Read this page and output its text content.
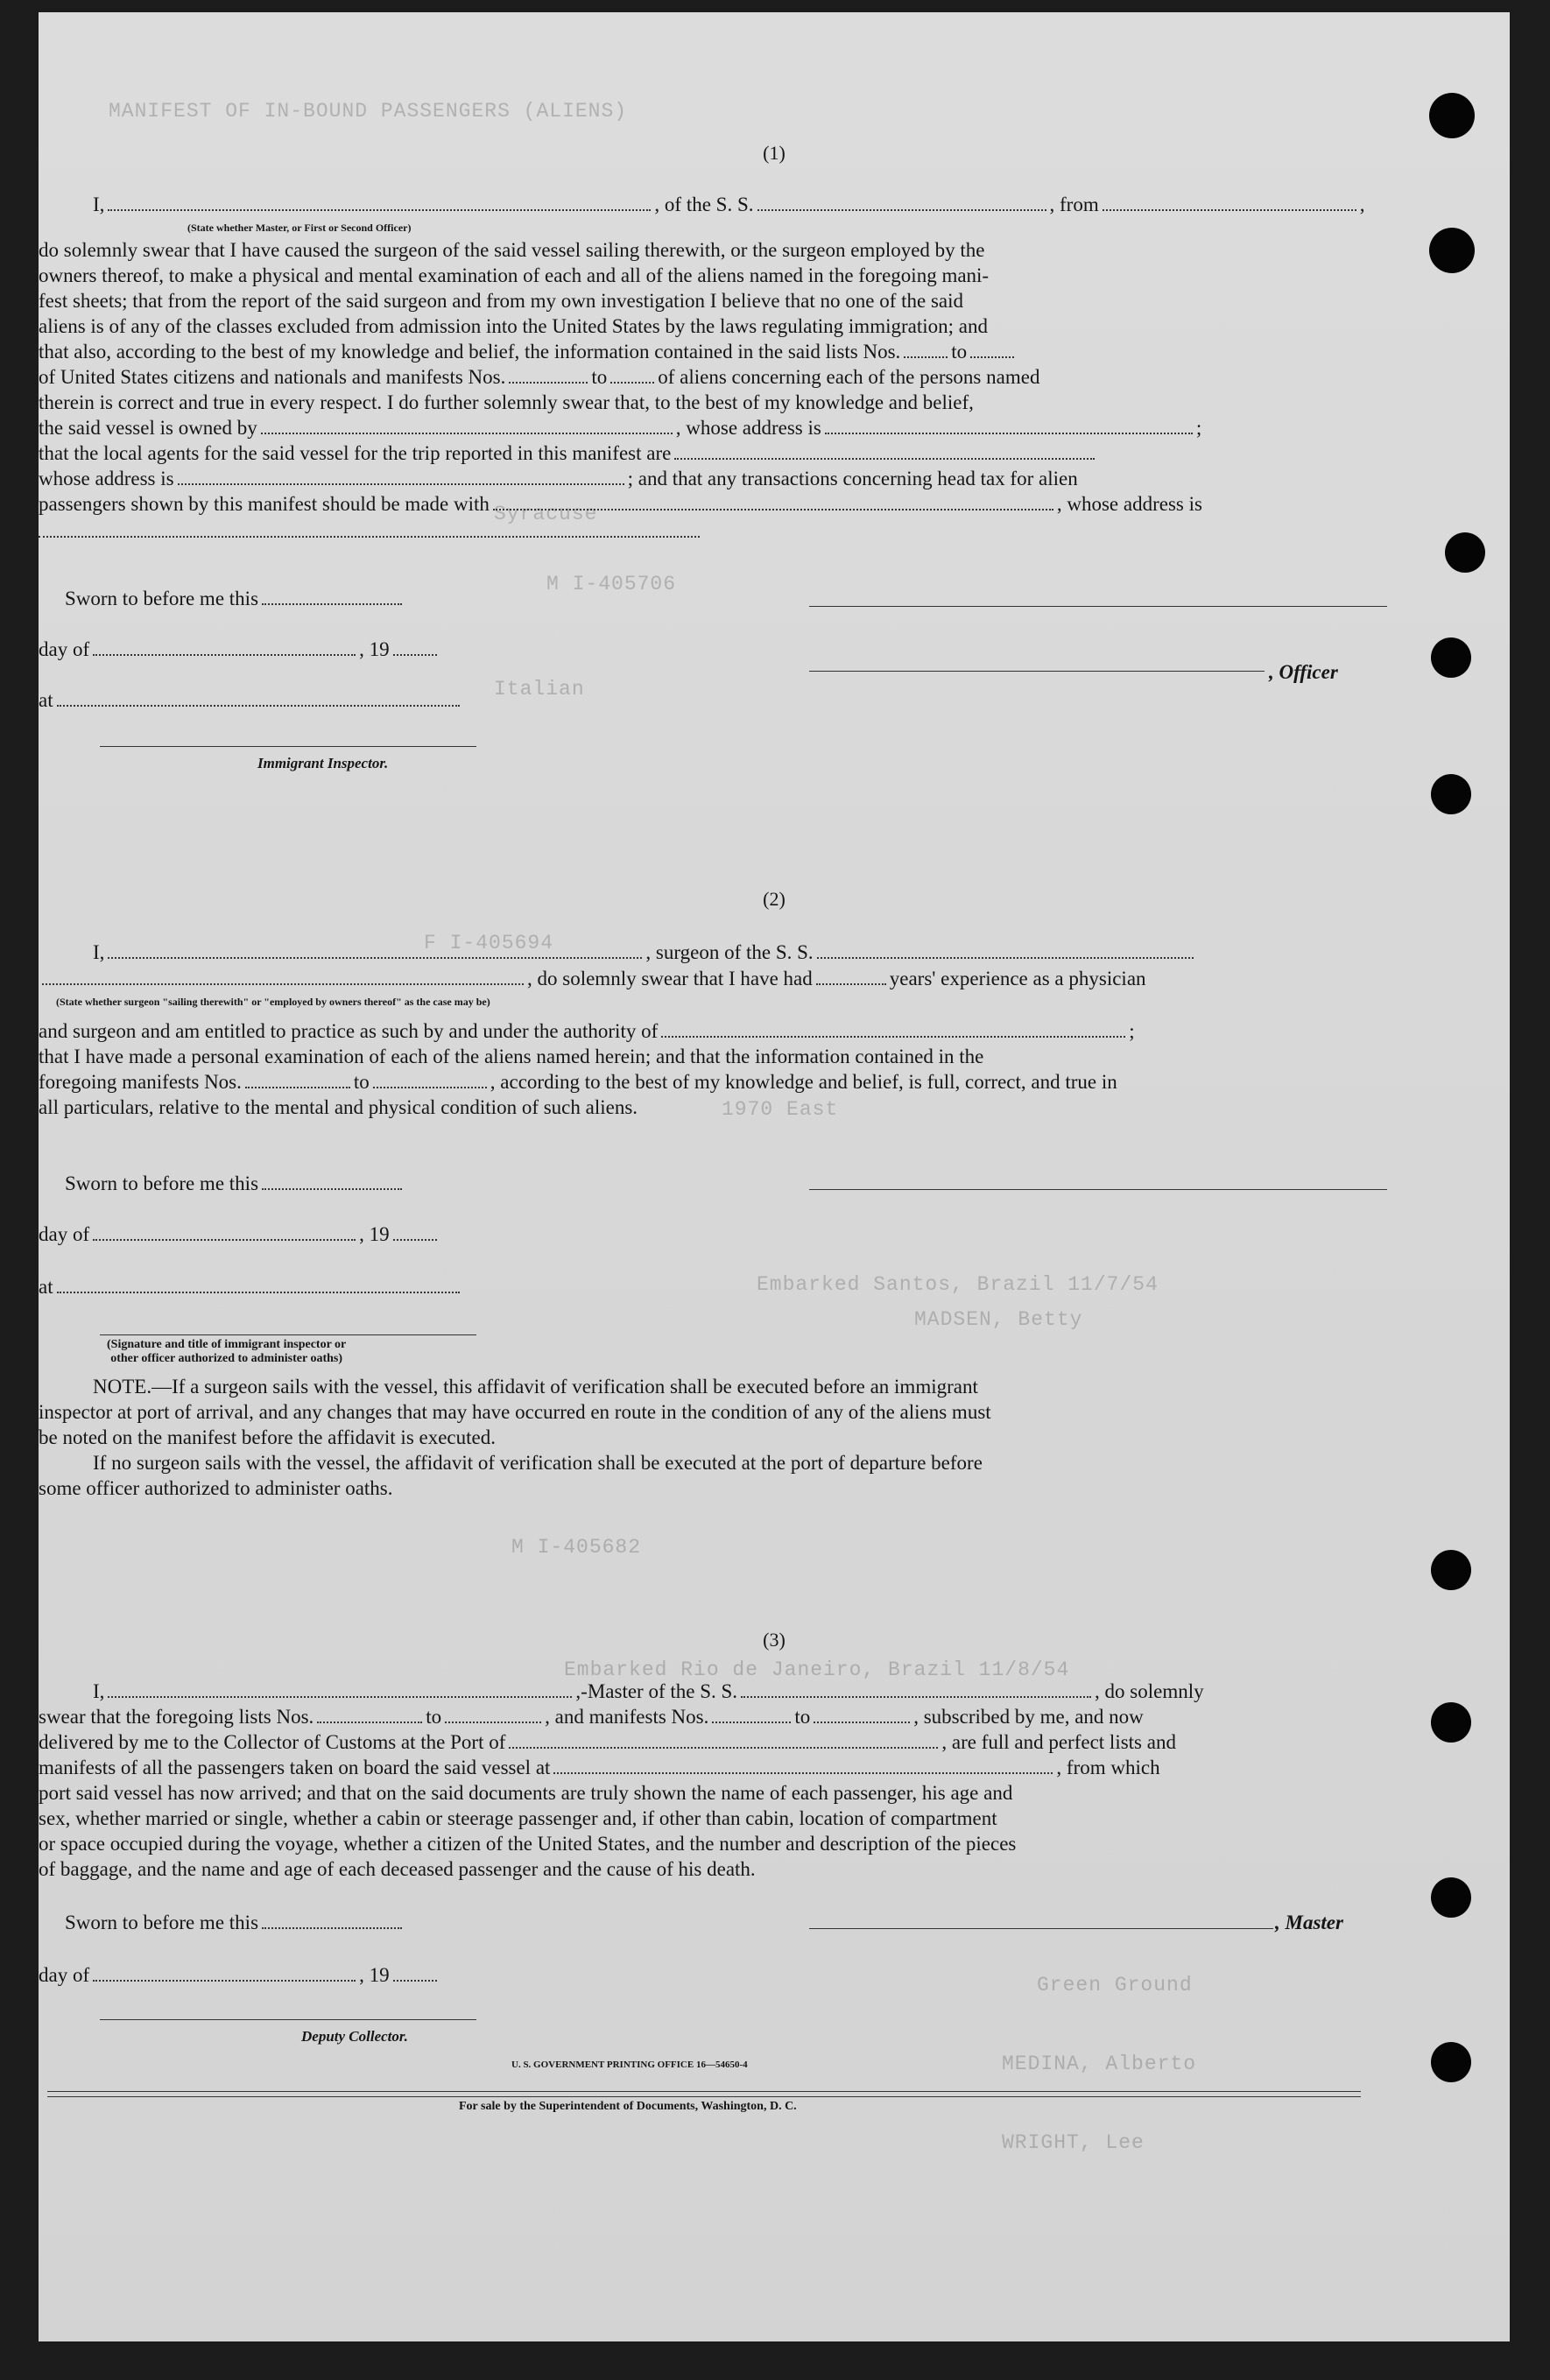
MANIFEST OF IN-BOUND PASSENGERS (ALIENS)
Syracuse
M I-405706
Italian
F I-405694
1970 East
Embarked Santos, Brazil 11/7/54
MADSEN, Betty
M I-405682
Embarked Rio de Janeiro, Brazil 11/8/54
Green Ground
MEDINA, Alberto
WRIGHT, Lee
(1)
I,	, of the S. S.	, from	,
(State whether Master, or First or Second Officer)
do solemnly swear that I have caused the surgeon of the said vessel sailing therewith, or the surgeon employed by the
owners thereof, to make a physical and mental examination of each and all of the aliens named in the foregoing mani-
fest sheets; that from the report of the said surgeon and from my own investigation I believe that no one of the said
aliens is of any of the classes excluded from admission into the United States by the laws regulating immigration; and
that also, according to the best of my knowledge and belief, the information contained in the said lists Nos.	to
of United States citizens and nationals and manifests Nos.	to	of aliens concerning each of the persons named
therein is correct and true in every respect. I do further solemnly swear that, to the best of my knowledge and belief,
the said vessel is owned by	, whose address is	;
that the local agents for the said vessel for the trip reported in this manifest are
whose address is	; and that any transactions concerning head tax for alien
passengers shown by this manifest should be made with	, whose address is
Sworn to before me this
day of	, 19
, Officer
at
Immigrant Inspector.
(2)
I,	, surgeon of the S. S.
, do solemnly swear that I have had	years' experience as a physician
(State whether surgeon "sailing therewith" or "employed by owners thereof" as the case may be)
and surgeon and am entitled to practice as such by and under the authority of	;
that I have made a personal examination of each of the aliens named herein; and that the information contained in the
foregoing manifests Nos.	to	, according to the best of my knowledge and belief, is full, correct, and true in
all particulars, relative to the mental and physical condition of such aliens.
Sworn to before me this
day of	, 19
at
(Signature and title of immigrant inspector or
other officer authorized to administer oaths)
NOTE.—If a surgeon sails with the vessel, this affidavit of verification shall be executed before an immigrant
inspector at port of arrival, and any changes that may have occurred en route in the condition of any of the aliens must
be noted on the manifest before the affidavit is executed.
If no surgeon sails with the vessel, the affidavit of verification shall be executed at the port of departure before
some officer authorized to administer oaths.
(3)
I,	,-Master of the S. S.	, do solemnly
swear that the foregoing lists Nos.	to	, and manifests Nos.	to	, subscribed by me, and now
delivered by me to the Collector of Customs at the Port of	, are full and perfect lists and
manifests of all the passengers taken on board the said vessel at	, from which
port said vessel has now arrived; and that on the said documents are truly shown the name of each passenger, his age and
sex, whether married or single, whether a cabin or steerage passenger and, if other than cabin, location of compartment
or space occupied during the voyage, whether a citizen of the United States, and the number and description of the pieces
of baggage, and the name and age of each deceased passenger and the cause of his death.
Sworn to before me this	, Master
day of	, 19
Deputy Collector.
U. S. GOVERNMENT PRINTING OFFICE 16—54650-4
For sale by the Superintendent of Documents, Washington, D. C.
